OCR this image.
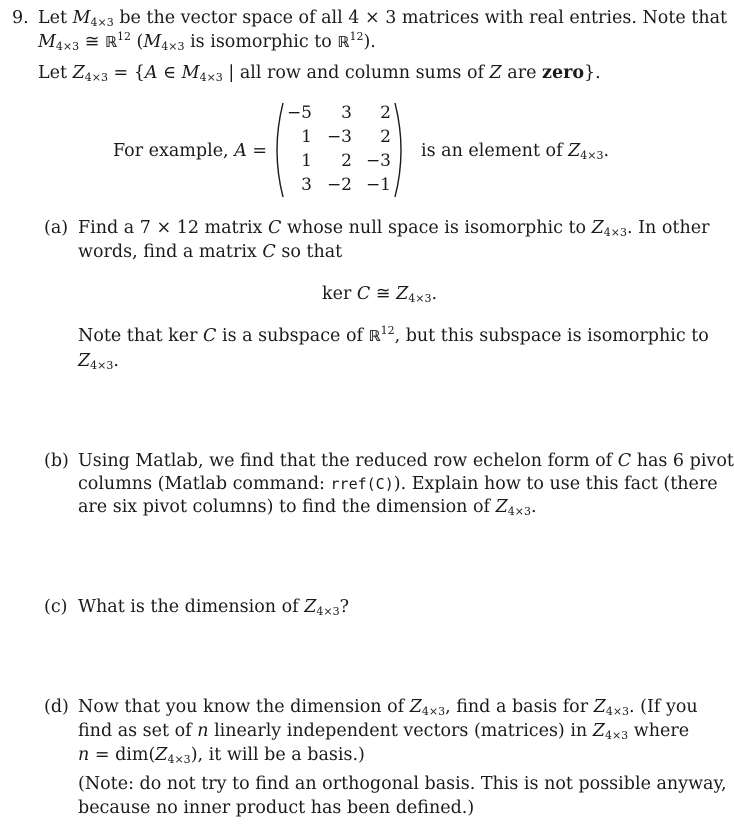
9. Let $M_{4\times 3}$ be the vector space of all 4 × 3 matrices with real entries. Note that
$M_{4\times 3}$ ≅ ℝ$^{12}$ ($M_{4\times 3}$ is isomorphic to ℝ$^{12}$).
Let $Z_{4\times 3} = \{A$ ∈ $M_{4\times 3}$ | all row and column sums of Z are zero}.
For example, A =
−5	3	2
1 −3	2
1	2 −3
3 −2 −1
is an element of $Z_{4\times 3}$.
(a) Find a 7 × 12 matrix C whose null space is isomorphic to $Z_{4\times 3}$. In other
words, find a matrix C so that
ker C ≅ $Z_{4\times 3}$.
Note that ker C is a subspace of ℝ$^{12}$, but this subspace is isomorphic to
$Z_{4\times 3}$.
(b) Using Matlab, we find that the reduced row echelon form of C has 6 pivot
columns (Matlab command: rref(C)). Explain how to use this fact (there
are six pivot columns) to find the dimension of $Z_{4\times 3}$.
(c) What is the dimension of $Z_{4\times 3}$?
(d) Now that you know the dimension of $Z_{4\times 3}$, find a basis for $Z_{4\times 3}$. (If you
find as set of n linearly independent vectors (matrices) in $Z_{4\times 3}$ where
$n = dim(Z_{4\times 3})$, it will be a basis.)
(Note: do not try to find an orthogonal basis. This is not possible anyway,
because no inner product has been defined.)
